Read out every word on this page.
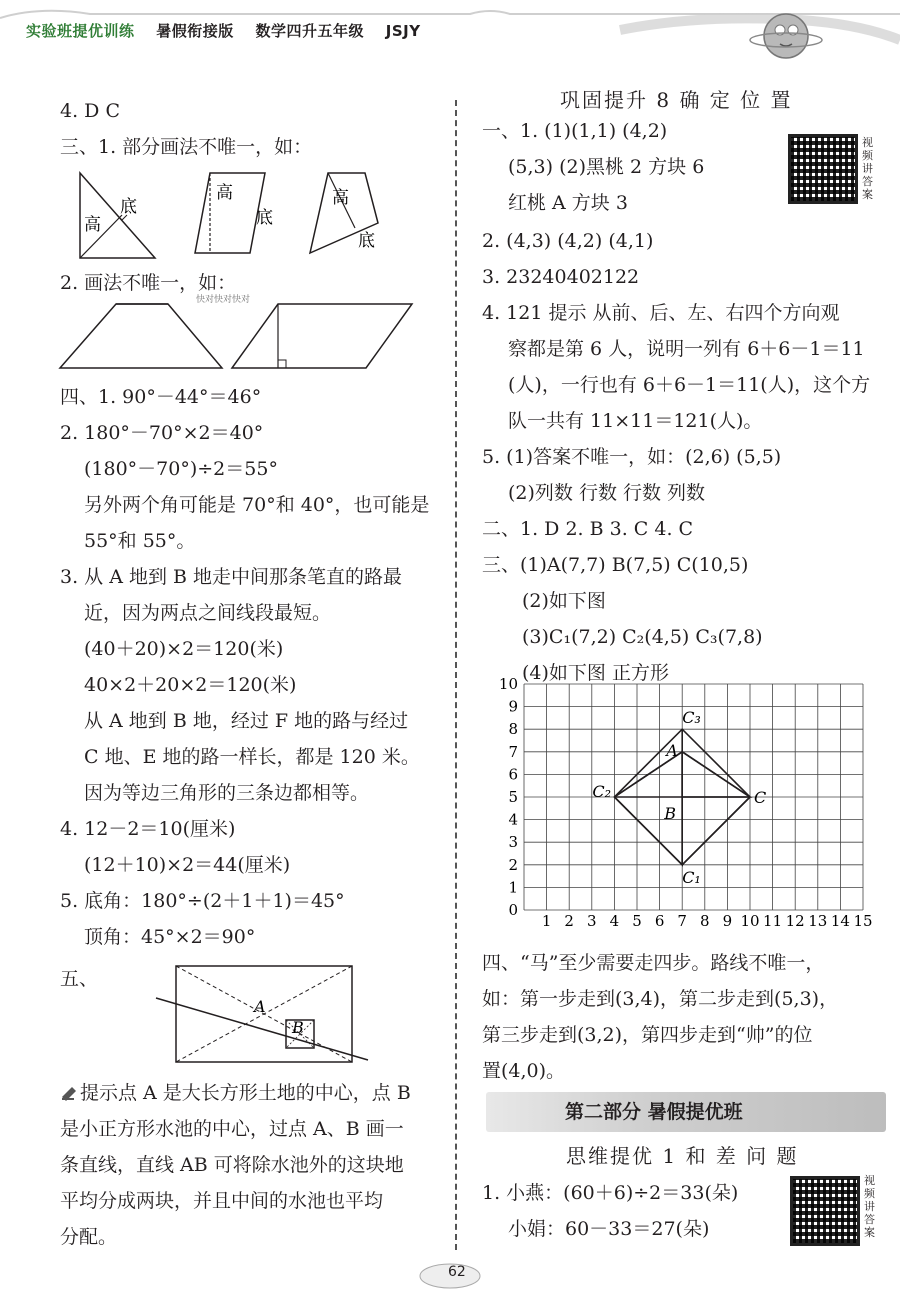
实验班提优训练 暑假衔接版 数学四升五年级 JSJY
4. D C
三、1. 部分画法不唯一，如：
高
底
高
底
高
底
2. 画法不唯一，如：
快对快对快对
四、1. 90°－44°＝46°
2. 180°－70°×2＝40°
(180°－70°)÷2＝55°
另外两个角可能是 70°和 40°，也可能是
55°和 55°。
3. 从 A 地到 B 地走中间那条笔直的路最
近，因为两点之间线段最短。
(40＋20)×2＝120(米)
40×2＋20×2＝120(米)
从 A 地到 B 地，经过 F 地的路与经过
C 地、E 地的路一样长，都是 120 米。
因为等边三角形的三条边都相等。
4. 12－2＝10(厘米)
(12＋10)×2＝44(厘米)
5. 底角：180°÷(2＋1＋1)＝45°
顶角：45°×2＝90°
五、
A
B
提示点 A 是大长方形土地的中心，点 B
是小正方形水池的中心，过点 A、B 画一
条直线，直线 AB 可将除水池外的这块地
平均分成两块，并且中间的水池也平均
分配。
巩固提升 8 确 定 位 置
视频讲答案
一、1. (1)(1,1) (4,2)
(5,3) (2)黑桃 2 方块 6
红桃 A 方块 3
2. (4,3) (4,2) (4,1)
3. 23240402122
4. 121 提示 从前、后、左、右四个方向观
察都是第 6 人，说明一列有 6＋6－1＝11
(人)，一行也有 6＋6－1＝11(人)，这个方
队一共有 11×11＝121(人)。
5. (1)答案不唯一，如：(2,6) (5,5)
(2)列数 行数 行数 列数
二、1. D 2. B 3. C 4. C
三、(1)A(7,7) B(7,5) C(10,5)
(2)如下图
(3)C₁(7,2) C₂(4,5) C₃(7,8)
(4)如下图 正方形
1 2 3 4 5 6 7 8 9 10 11 12 13 14 15
0
1
2
3
4
5
6
7
8
9
10
A
B
C
C₁
C₂
C₃
四、“马”至少需要走四步。路线不唯一，
如：第一步走到(3,4)，第二步走到(5,3)，
第三步走到(3,2)，第四步走到“帅”的位
置(4,0)。
第二部分 暑假提优班
思维提优 1 和 差 问 题
视频讲答案
1. 小燕：(60＋6)÷2＝33(朵)
小娟：60－33＝27(朵)
62
